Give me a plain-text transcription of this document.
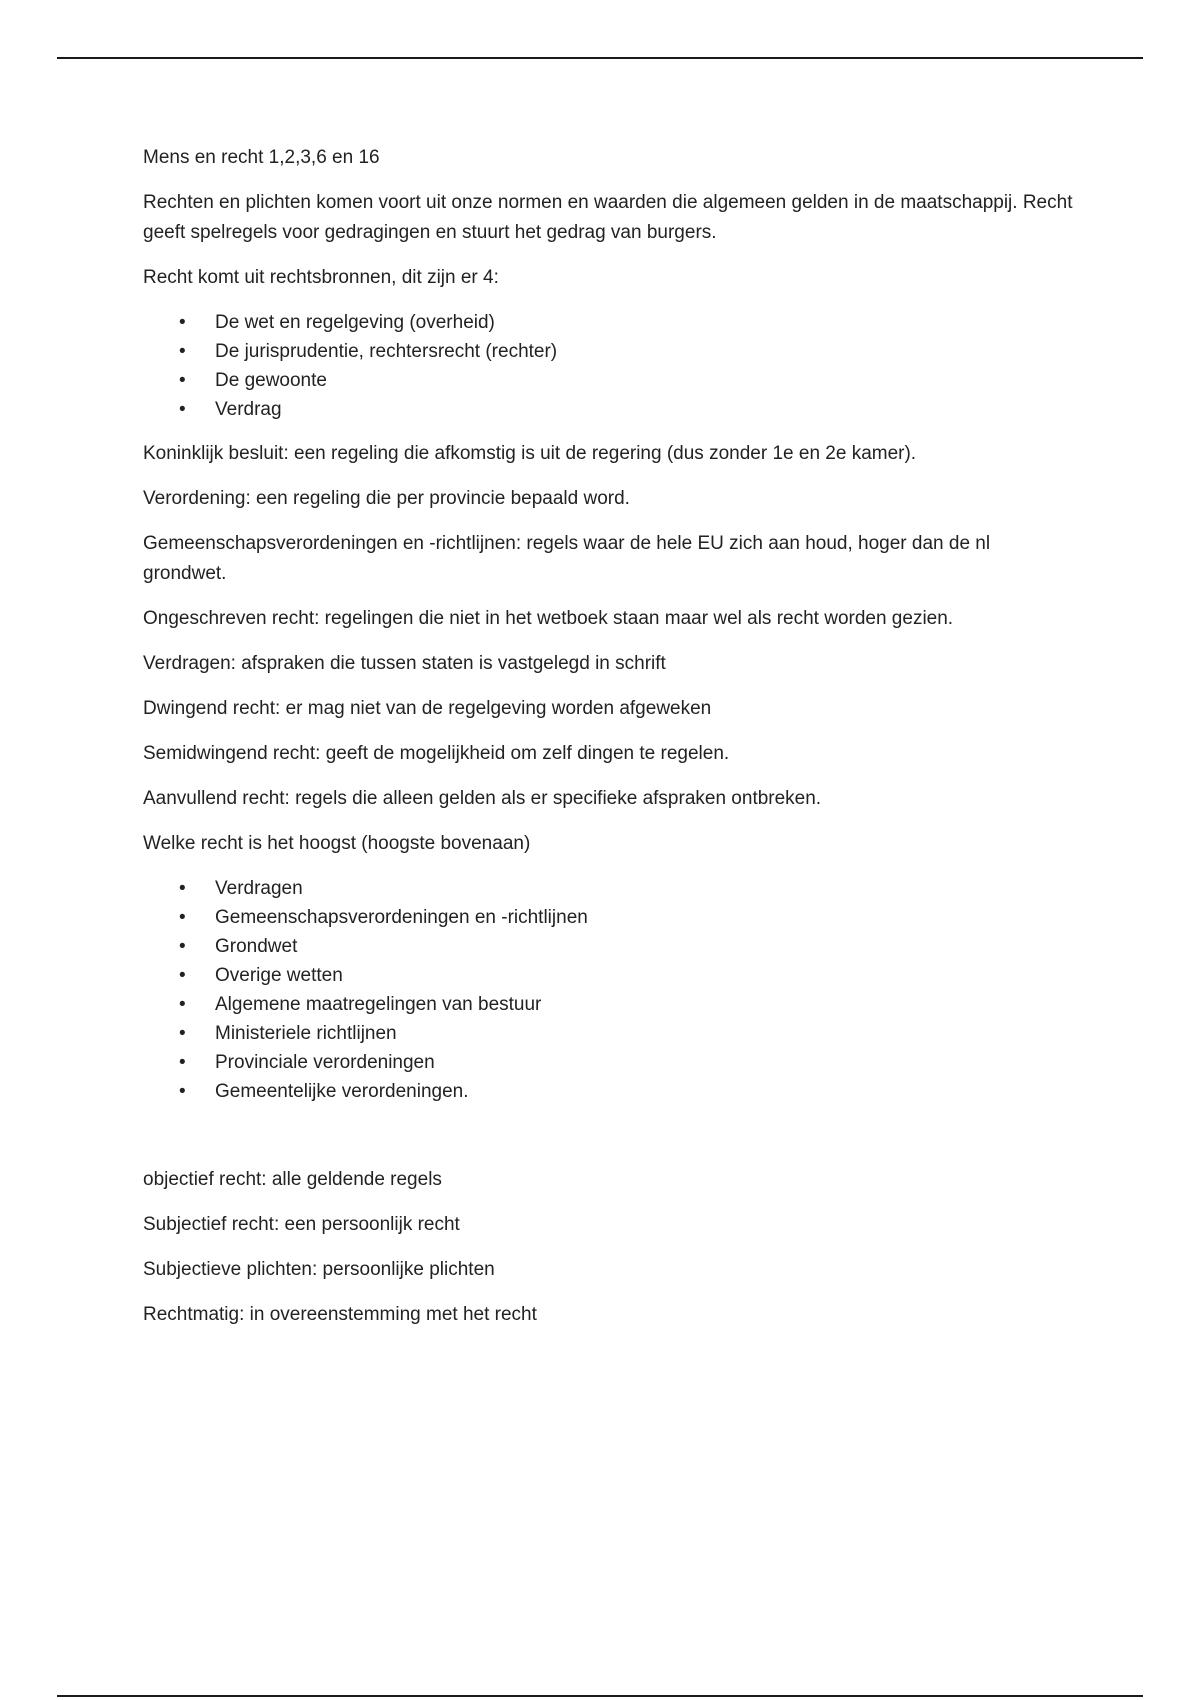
Mens en recht 1,2,3,6 en 16

Rechten en plichten komen voort uit onze normen en waarden die algemeen gelden in de maatschappij. Recht geeft spelregels voor gedragingen en stuurt het gedrag van burgers.

Recht komt uit rechtsbronnen, dit zijn er 4:

• De wet en regelgeving (overheid)
• De jurisprudentie, rechtersrecht (rechter)
• De gewoonte
• Verdrag

Koninklijk besluit: een regeling die afkomstig is uit de regering (dus zonder 1e en 2e kamer).

Verordening: een regeling die per provincie bepaald word.

Gemeenschapsverordeningen en -richtlijnen: regels waar de hele EU zich aan houd, hoger dan de nl grondwet.

Ongeschreven recht: regelingen die niet in het wetboek staan maar wel als recht worden gezien.

Verdragen: afspraken die tussen staten is vastgelegd in schrift

Dwingend recht: er mag niet van de regelgeving worden afgeweken

Semidwingend recht: geeft de mogelijkheid om zelf dingen te regelen.

Aanvullend recht: regels die alleen gelden als er specifieke afspraken ontbreken.

Welke recht is het hoogst (hoogste bovenaan)

• Verdragen
• Gemeenschapsverordeningen en -richtlijnen
• Grondwet
• Overige wetten
• Algemene maatregelingen van bestuur
• Ministeriele richtlijnen
• Provinciale verordeningen
• Gemeentelijke verordeningen.

objectief recht: alle geldende regels

Subjectief recht: een persoonlijk recht

Subjectieve plichten: persoonlijke plichten

Rechtmatig: in overeenstemming met het recht
